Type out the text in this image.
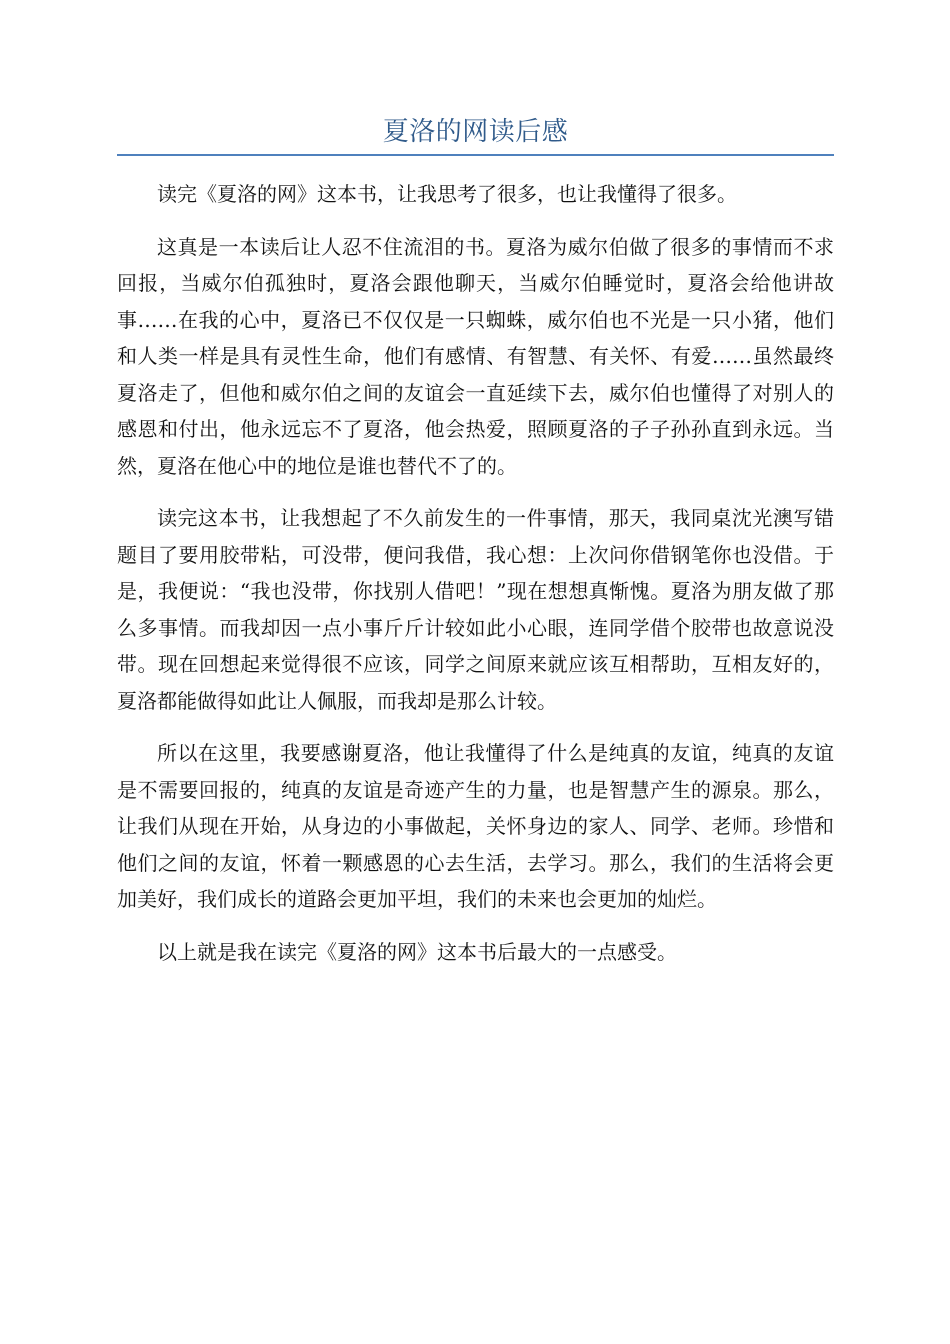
夏洛的网读后感

读完《夏洛的网》这本书，让我思考了很多，也让我懂得了很多。

这真是一本读后让人忍不住流泪的书。夏洛为威尔伯做了很多的事情而不求回报，当威尔伯孤独时，夏洛会跟他聊天，当威尔伯睡觉时，夏洛会给他讲故事……在我的心中，夏洛已不仅仅是一只蜘蛛，威尔伯也不光是一只小猪，他们和人类一样是具有灵性生命，他们有感情、有智慧、有关怀、有爱……虽然最终夏洛走了，但他和威尔伯之间的友谊会一直延续下去，威尔伯也懂得了对别人的感恩和付出，他永远忘不了夏洛，他会热爱，照顾夏洛的子子孙孙直到永远。当然，夏洛在他心中的地位是谁也替代不了的。

读完这本书，让我想起了不久前发生的一件事情，那天，我同桌沈光澳写错题目了要用胶带粘，可没带，便问我借，我心想：上次问你借钢笔你也没借。于是，我便说：“我也没带，你找别人借吧！”现在想想真惭愧。夏洛为朋友做了那么多事情。而我却因一点小事斤斤计较如此小心眼，连同学借个胶带也故意说没带。现在回想起来觉得很不应该，同学之间原来就应该互相帮助，互相友好的，夏洛都能做得如此让人佩服，而我却是那么计较。

所以在这里，我要感谢夏洛，他让我懂得了什么是纯真的友谊，纯真的友谊是不需要回报的，纯真的友谊是奇迹产生的力量，也是智慧产生的源泉。那么，让我们从现在开始，从身边的小事做起，关怀身边的家人、同学、老师。珍惜和他们之间的友谊，怀着一颗感恩的心去生活，去学习。那么，我们的生活将会更加美好，我们成长的道路会更加平坦，我们的未来也会更加的灿烂。

以上就是我在读完《夏洛的网》这本书后最大的一点感受。
